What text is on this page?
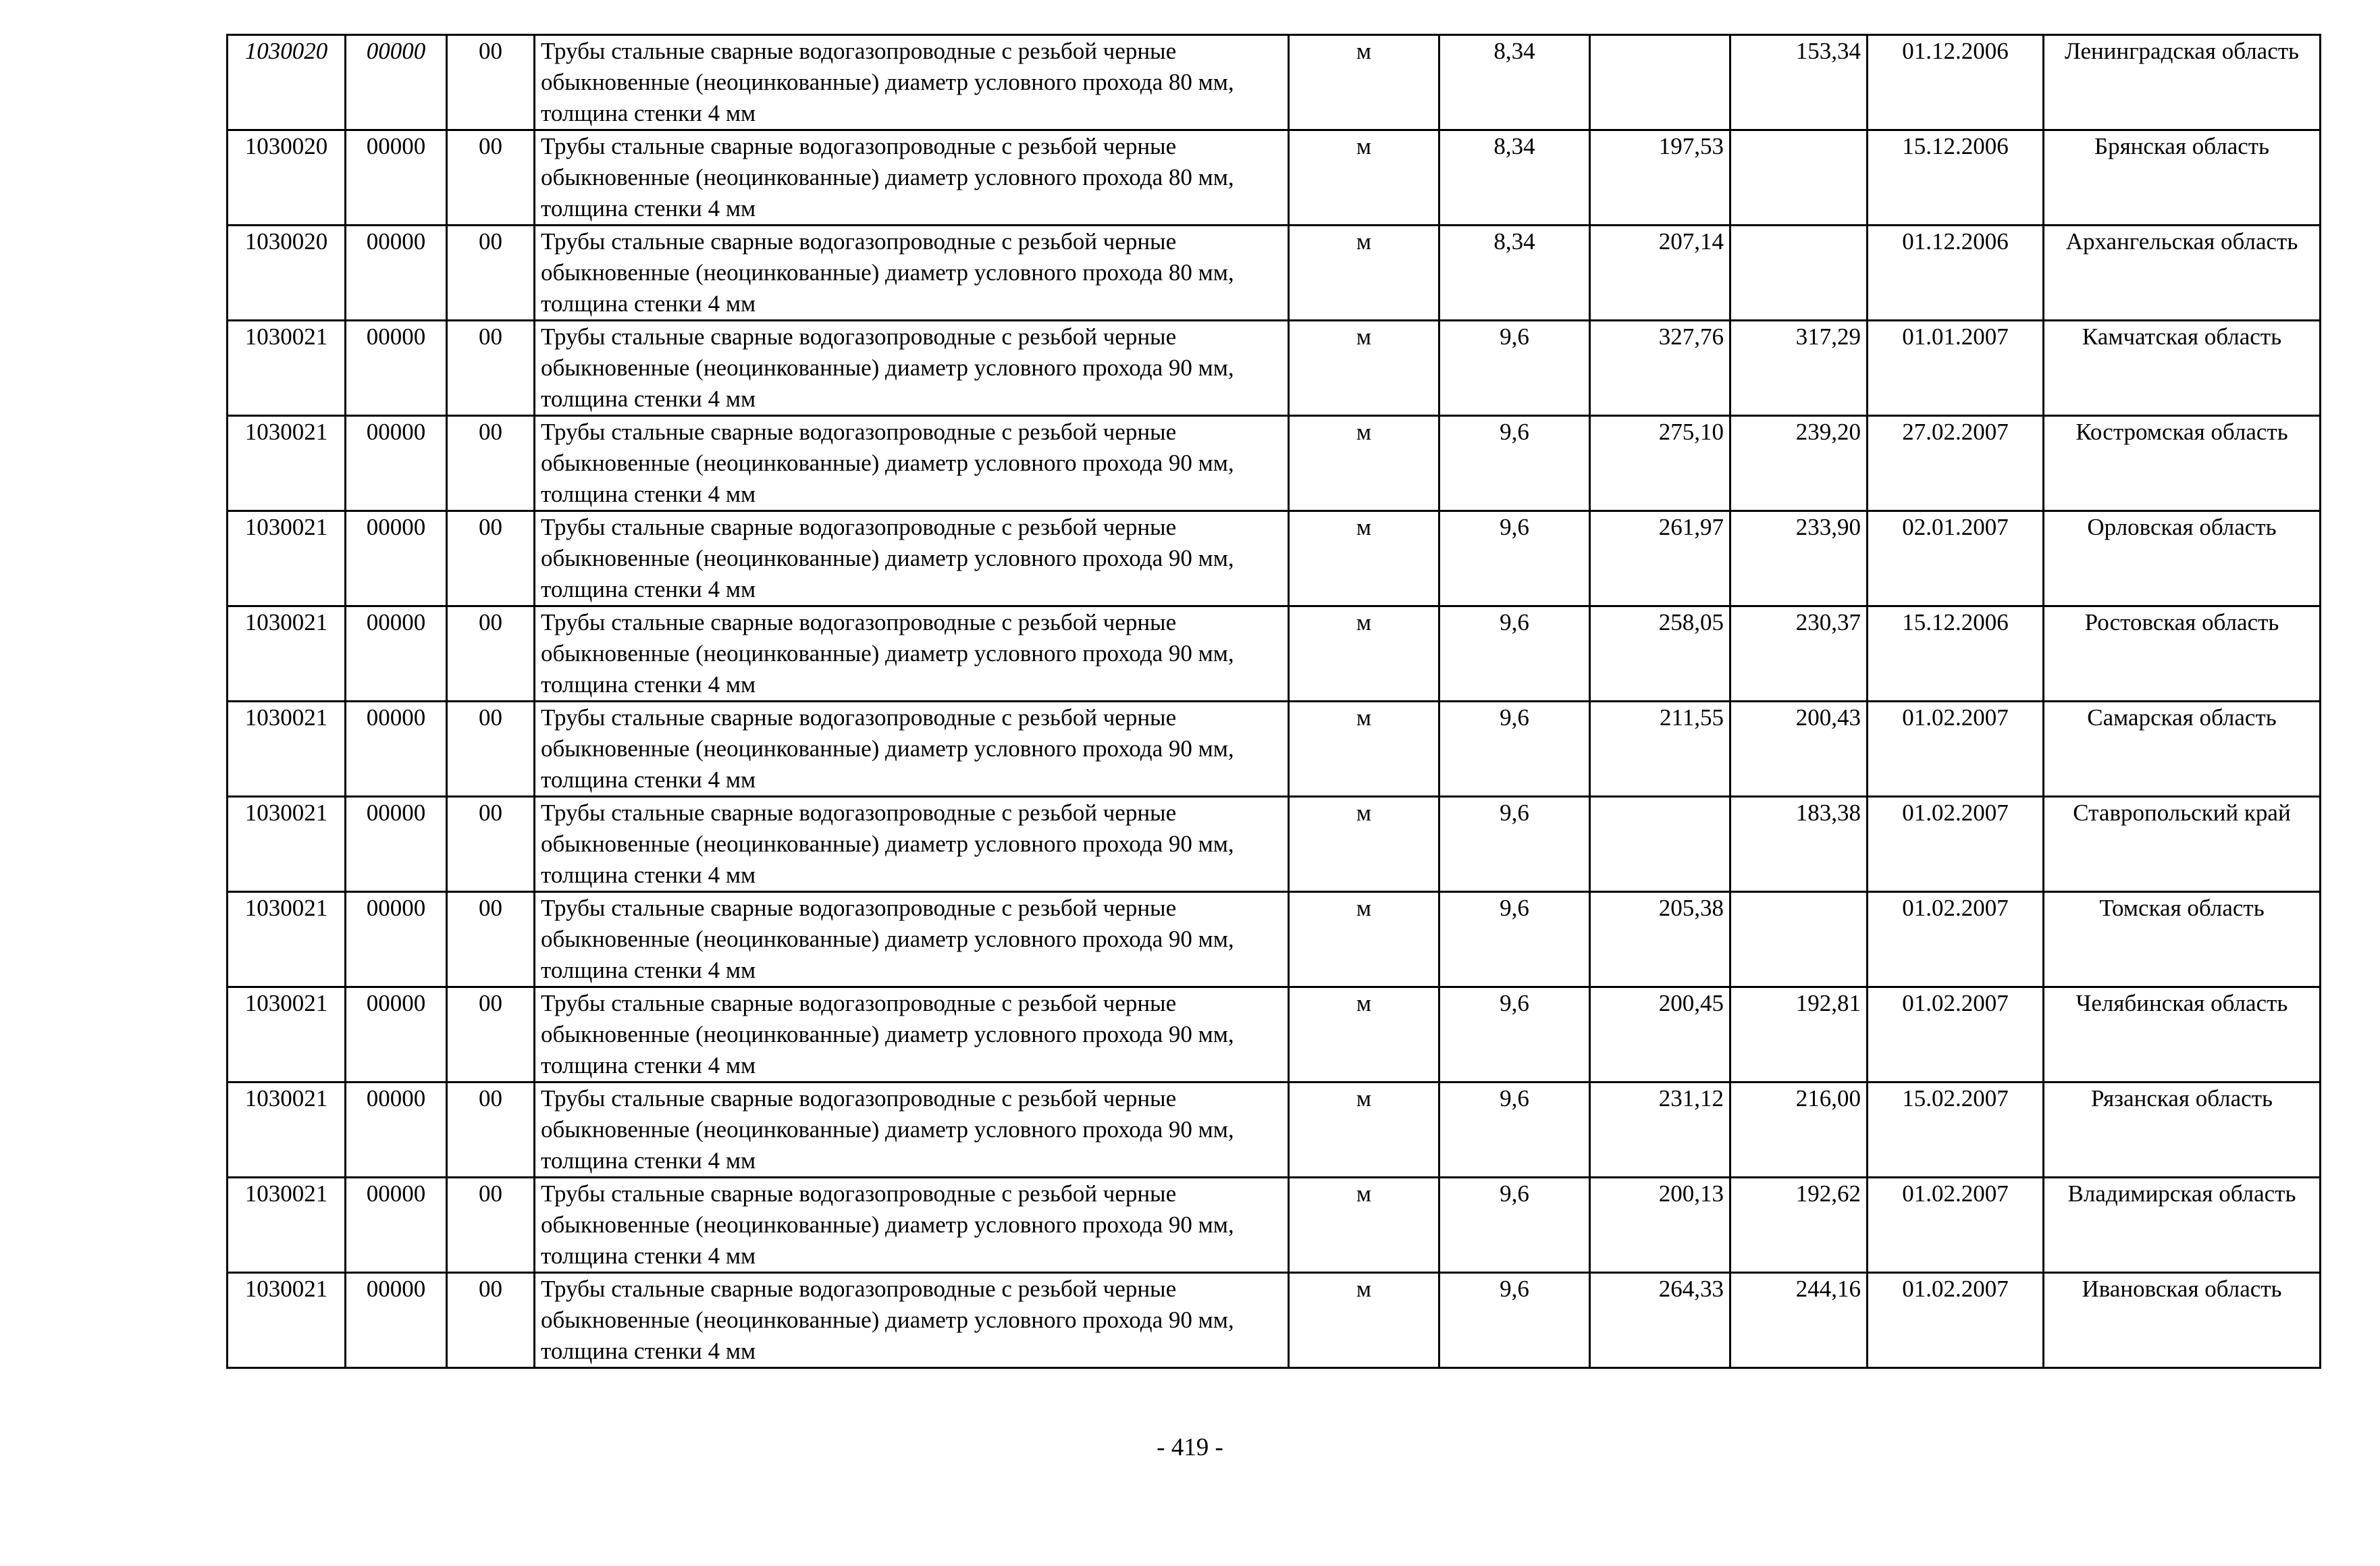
1030020	00000	00	Трубы стальные сварные водогазопроводные с резьбой черные обыкновенные (неоцинкованные) диаметр условного прохода 80 мм, толщина стенки 4 мм	м	8,34		153,34	01.12.2006	Ленинградская область
1030020	00000	00	Трубы стальные сварные водогазопроводные с резьбой черные обыкновенные (неоцинкованные) диаметр условного прохода 80 мм, толщина стенки 4 мм	м	8,34	197,53		15.12.2006	Брянская область
1030020	00000	00	Трубы стальные сварные водогазопроводные с резьбой черные обыкновенные (неоцинкованные) диаметр условного прохода 80 мм, толщина стенки 4 мм	м	8,34	207,14		01.12.2006	Архангельская область
1030021	00000	00	Трубы стальные сварные водогазопроводные с резьбой черные обыкновенные (неоцинкованные) диаметр условного прохода 90 мм, толщина стенки 4 мм	м	9,6	327,76	317,29	01.01.2007	Камчатская область
1030021	00000	00	Трубы стальные сварные водогазопроводные с резьбой черные обыкновенные (неоцинкованные) диаметр условного прохода 90 мм, толщина стенки 4 мм	м	9,6	275,10	239,20	27.02.2007	Костромская область
1030021	00000	00	Трубы стальные сварные водогазопроводные с резьбой черные обыкновенные (неоцинкованные) диаметр условного прохода 90 мм, толщина стенки 4 мм	м	9,6	261,97	233,90	02.01.2007	Орловская область
1030021	00000	00	Трубы стальные сварные водогазопроводные с резьбой черные обыкновенные (неоцинкованные) диаметр условного прохода 90 мм, толщина стенки 4 мм	м	9,6	258,05	230,37	15.12.2006	Ростовская область
1030021	00000	00	Трубы стальные сварные водогазопроводные с резьбой черные обыкновенные (неоцинкованные) диаметр условного прохода 90 мм, толщина стенки 4 мм	м	9,6	211,55	200,43	01.02.2007	Самарская область
1030021	00000	00	Трубы стальные сварные водогазопроводные с резьбой черные обыкновенные (неоцинкованные) диаметр условного прохода 90 мм, толщина стенки 4 мм	м	9,6		183,38	01.02.2007	Ставропольский край
1030021	00000	00	Трубы стальные сварные водогазопроводные с резьбой черные обыкновенные (неоцинкованные) диаметр условного прохода 90 мм, толщина стенки 4 мм	м	9,6	205,38		01.02.2007	Томская область
1030021	00000	00	Трубы стальные сварные водогазопроводные с резьбой черные обыкновенные (неоцинкованные) диаметр условного прохода 90 мм, толщина стенки 4 мм	м	9,6	200,45	192,81	01.02.2007	Челябинская область
1030021	00000	00	Трубы стальные сварные водогазопроводные с резьбой черные обыкновенные (неоцинкованные) диаметр условного прохода 90 мм, толщина стенки 4 мм	м	9,6	231,12	216,00	15.02.2007	Рязанская область
1030021	00000	00	Трубы стальные сварные водогазопроводные с резьбой черные обыкновенные (неоцинкованные) диаметр условного прохода 90 мм, толщина стенки 4 мм	м	9,6	200,13	192,62	01.02.2007	Владимирская область
1030021	00000	00	Трубы стальные сварные водогазопроводные с резьбой черные обыкновенные (неоцинкованные) диаметр условного прохода 90 мм, толщина стенки 4 мм	м	9,6	264,33	244,16	01.02.2007	Ивановская область
- 419 -
